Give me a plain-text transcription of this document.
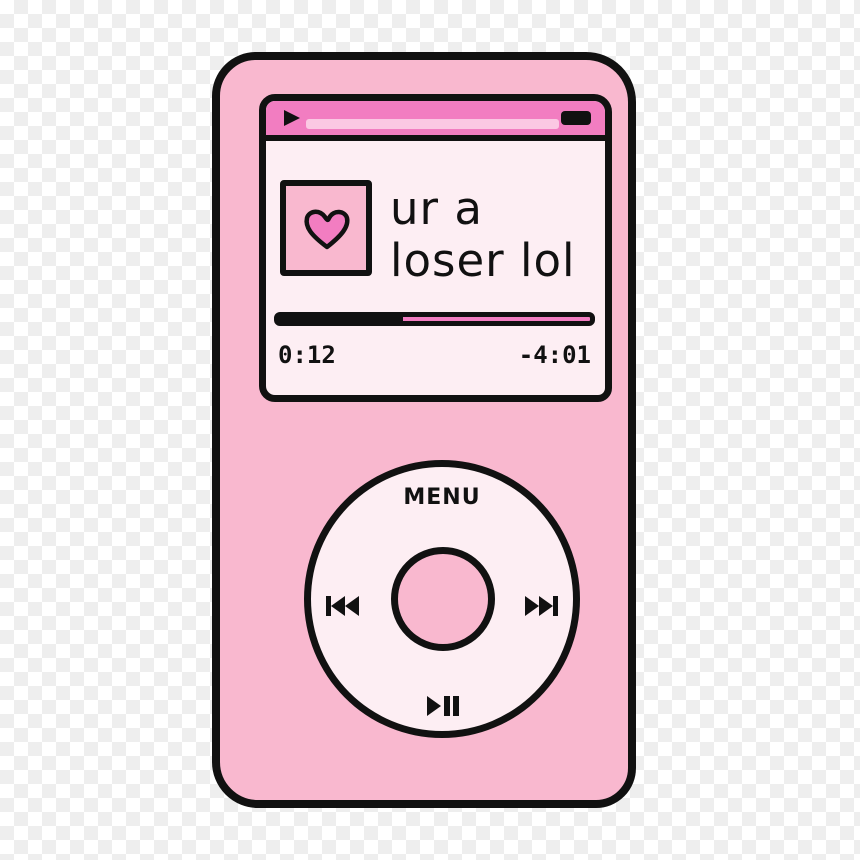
ur a
loser lol
0:12	-4:01
MENU
